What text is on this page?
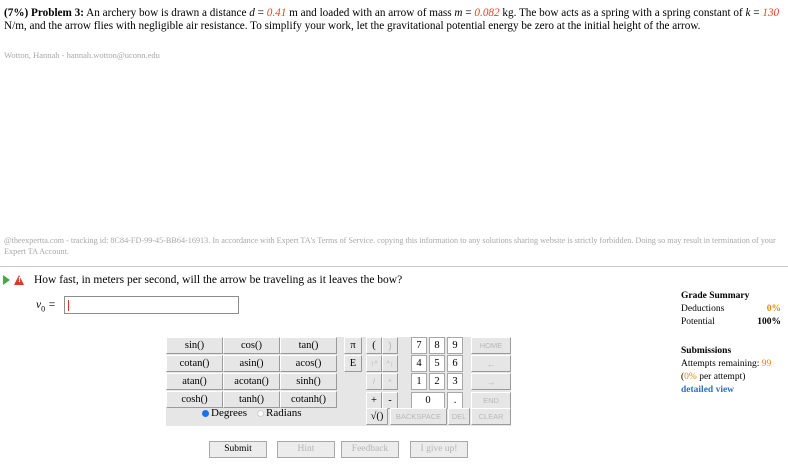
(7%) Problem 3: An archery bow is drawn a distance d = 0.41 m and loaded with an arrow of mass m = 0.082 kg. The bow acts as a spring with a spring constant of k = 130 N/m, and the arrow flies with negligible air resistance. To simplify your work, let the gravitational potential energy be zero at the initial height of the arrow.
Wotton, Hannah - hannah.wotton@uconn.edu
@theexpertta.com - tracking id: 8C84-FD-99-45-BB64-16913. In accordance with Expert TA's Terms of Service. copying this information to any solutions sharing website is strictly forbidden. Doing so may result in termination of your Expert TA Account.
!	How fast, in meters per second, will the arrow be traveling as it leaves the bow?
$v_0$ =
sin()	cos()	tan()
cotan()	asin()	acos()
atan()	acotan()	sinh()
cosh()	tanh()	cotanh()
Degrees Radians
π	(	)
E	↑^	^↓
/	*
+	-
√()
7	8	9
4	5	6
1	2	3
0	.
HOME
←
→
END
BACKSPACE	DEL	CLEAR
Submit	Hint	Feedback	I give up!
Grade Summary
Deductions	0%
Potential	100%
Submissions
Attempts remaining: 99
(0% per attempt)
detailed view
